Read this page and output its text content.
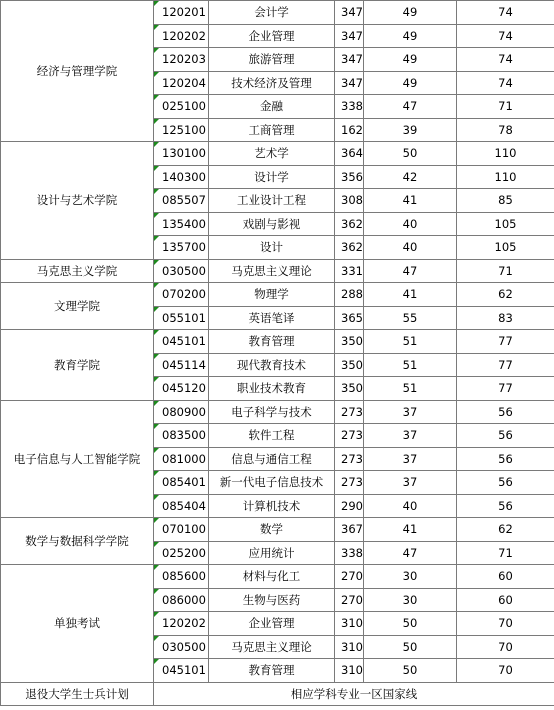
经济与管理学院	120201	会计学	347	49	74
	120202	企业管理	347	49	74
	120203	旅游管理	347	49	74
	120204	技术经济及管理	347	49	74
	025100	金融	338	47	71
	125100	工商管理	162	39	78
设计与艺术学院	130100	艺术学	364	50	110
	140300	设计学	356	42	110
	085507	工业设计工程	308	41	85
	135400	戏剧与影视	362	40	105
	135700	设计	362	40	105
马克思主义学院	030500	马克思主义理论	331	47	71
文理学院	070200	物理学	288	41	62
	055101	英语笔译	365	55	83
教育学院	045101	教育管理	350	51	77
	045114	现代教育技术	350	51	77
	045120	职业技术教育	350	51	77
电子信息与人工智能学院	080900	电子科学与技术	273	37	56
	083500	软件工程	273	37	56
	081000	信息与通信工程	273	37	56
	085401	新一代电子信息技术	273	37	56
	085404	计算机技术	290	40	56
数学与数据科学学院	070100	数学	367	41	62
	025200	应用统计	338	47	71
单独考试	085600	材料与化工	270	30	60
	086000	生物与医药	270	30	60
	120202	企业管理	310	50	70
	030500	马克思主义理论	310	50	70
	045101	教育管理	310	50	70
退役大学生士兵计划	相应学科专业一区国家线				
